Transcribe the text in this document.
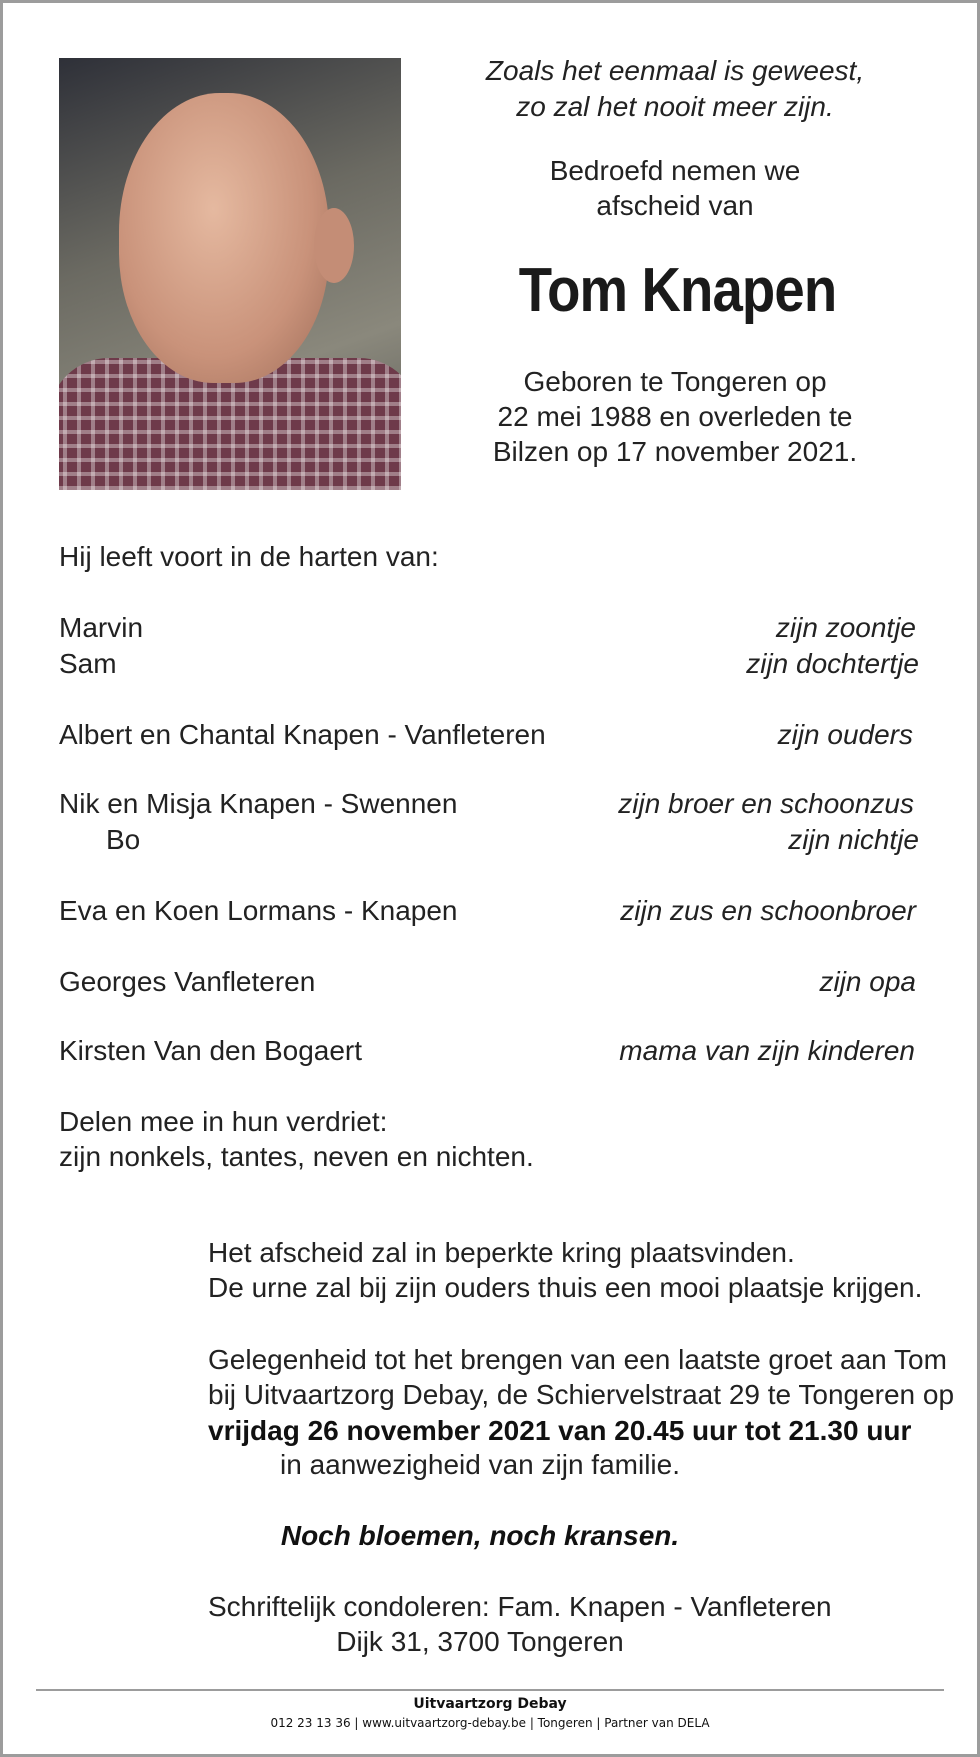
Zoals het eenmaal is geweest,
zo zal het nooit meer zijn.
Bedroefd nemen we
afscheid van
Tom Knapen
Geboren te Tongeren op
22 mei 1988 en overleden te
Bilzen op 17 november 2021.
Hij leeft voort in de harten van:
Marvin	zijn zoontje
Sam	zijn dochtertje
Albert en Chantal Knapen - Vanfleteren	zijn ouders
Nik en Misja Knapen - Swennen	zijn broer en schoonzus
Bo	zijn nichtje
Eva en Koen Lormans - Knapen	zijn zus en schoonbroer
Georges Vanfleteren	zijn opa
Kirsten Van den Bogaert	mama van zijn kinderen
Delen mee in hun verdriet:
zijn nonkels, tantes, neven en nichten.
Het afscheid zal in beperkte kring plaatsvinden.
De urne zal bij zijn ouders thuis een mooi plaatsje krijgen.
Gelegenheid tot het brengen van een laatste groet aan Tom
bij Uitvaartzorg Debay, de Schiervelstraat 29 te Tongeren op
vrijdag 26 november 2021 van 20.45 uur tot 21.30 uur
in aanwezigheid van zijn familie.
Noch bloemen, noch kransen.
Schriftelijk condoleren: Fam. Knapen - Vanfleteren
Dijk 31, 3700 Tongeren
Uitvaartzorg Debay
012 23 13 36 | www.uitvaartzorg-debay.be | Tongeren | Partner van DELA
